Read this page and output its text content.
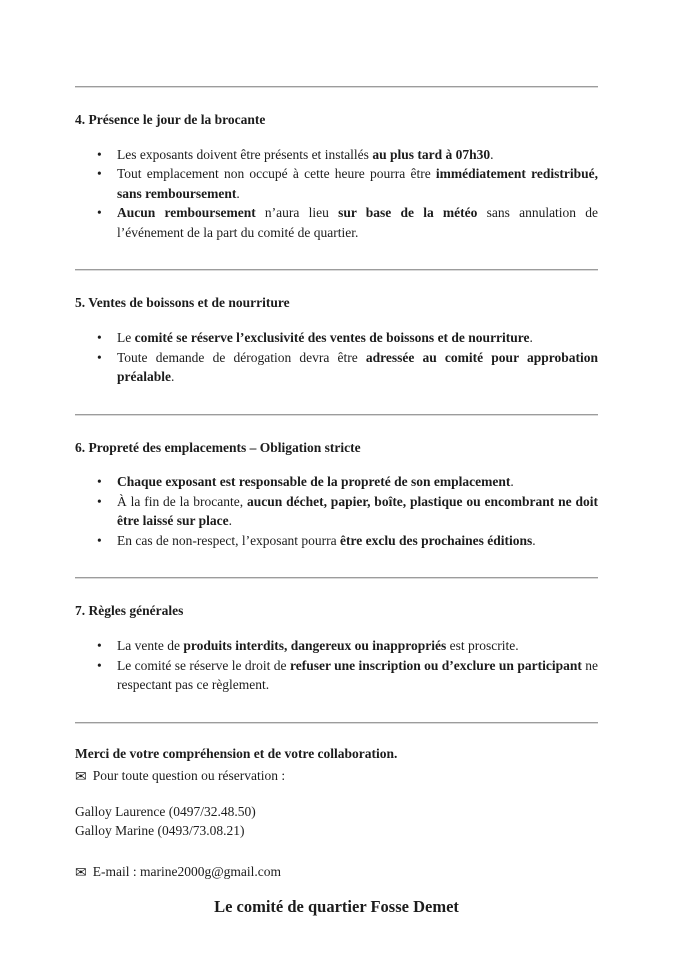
4. Présence le jour de la brocante
• Les exposants doivent être présents et installés au plus tard à 07h30.
• Tout emplacement non occupé à cette heure pourra être immédiatement redistribué, sans remboursement.
• Aucun remboursement n’aura lieu sur base de la météo sans annulation de l’événement de la part du comité de quartier.
5. Ventes de boissons et de nourriture
• Le comité se réserve l’exclusivité des ventes de boissons et de nourriture.
• Toute demande de dérogation devra être adressée au comité pour approbation préalable.
6. Propreté des emplacements – Obligation stricte
• Chaque exposant est responsable de la propreté de son emplacement.
• À la fin de la brocante, aucun déchet, papier, boîte, plastique ou encombrant ne doit être laissé sur place.
• En cas de non-respect, l’exposant pourra être exclu des prochaines éditions.
7. Règles générales
• La vente de produits interdits, dangereux ou inappropriés est proscrite.
• Le comité se réserve le droit de refuser une inscription ou d’exclure un participant ne respectant pas ce règlement.

Merci de votre compréhension et de votre collaboration.

✉ Pour toute question ou réservation :

Galloy Laurence (0497/32.48.50)

Galloy Marine (0493/73.08.21)

✉ E-mail : marine2000g@gmail.com

Le comité de quartier Fosse Demet
